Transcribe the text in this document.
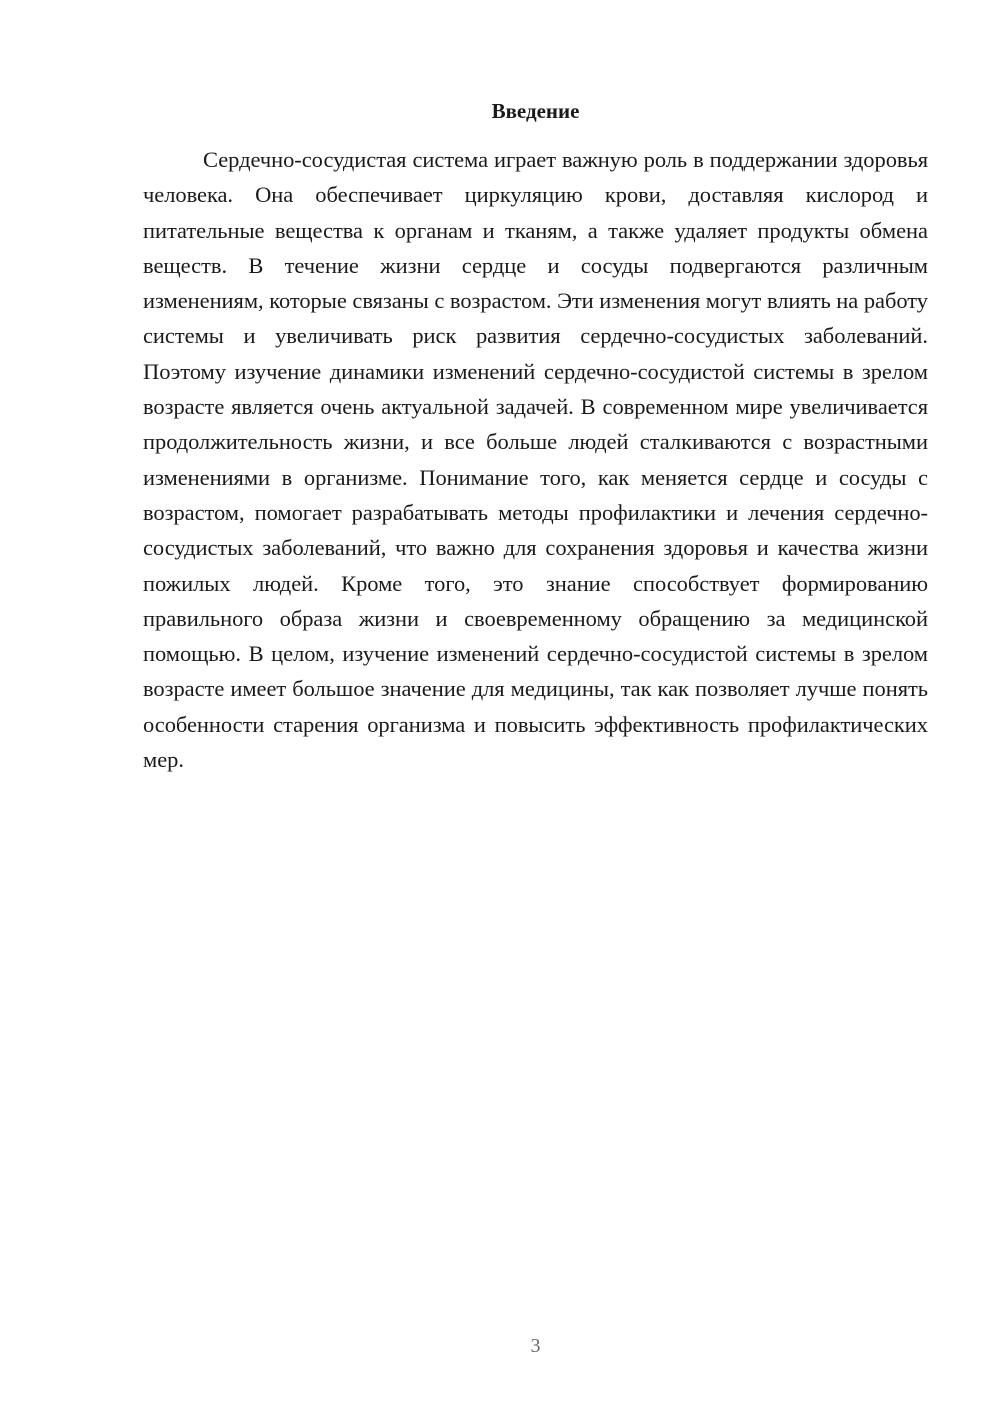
Введение

Сердечно-сосудистая система играет важную роль в поддержании здоровья человека. Она обеспечивает циркуляцию крови, доставляя кислород и питательные вещества к органам и тканям, а также удаляет продукты обмена веществ. В течение жизни сердце и сосуды подвергаются различным изменениям, которые связаны с возрастом. Эти изменения могут влиять на работу системы и увеличивать риск развития сердечно-сосудистых заболеваний. Поэтому изучение динамики изменений сердечно-сосудистой системы в зрелом возрасте является очень актуальной задачей. В современном мире увеличивается продолжительность жизни, и все больше людей сталкиваются с возрастными изменениями в организме. Понимание того, как меняется сердце и сосуды с возрастом, помогает разрабатывать методы профилактики и лечения сердечно-сосудистых заболеваний, что важно для сохранения здоровья и качества жизни пожилых людей. Кроме того, это знание способствует формированию правильного образа жизни и своевременному обращению за медицинской помощью. В целом, изучение изменений сердечно-сосудистой системы в зрелом возрасте имеет большое значение для медицины, так как позволяет лучше понять особенности старения организма и повысить эффективность профилактических мер.

3
